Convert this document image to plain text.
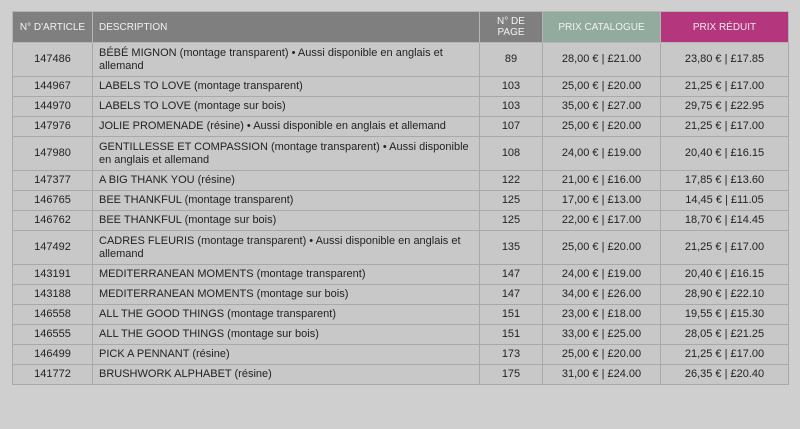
N° D'ARTICLE	DESCRIPTION	N° DE PAGE	PRIX CATALOGUE	PRIX RÉDUIT
147486	BÉBÉ MIGNON (montage transparent) • Aussi disponible en anglais et allemand	89	28,00 € | £21.00	23,80 € | £17.85
144967	LABELS TO LOVE (montage transparent)	103	25,00 € | £20.00	21,25 € | £17.00
144970	LABELS TO LOVE (montage sur bois)	103	35,00 € | £27.00	29,75 € | £22.95
147976	JOLIE PROMENADE (résine) • Aussi disponible en anglais et allemand	107	25,00 € | £20.00	21,25 € | £17.00
147980	GENTILLESSE ET COMPASSION (montage transparent) • Aussi disponible en anglais et allemand	108	24,00 € | £19.00	20,40 € | £16.15
147377	A BIG THANK YOU (résine)	122	21,00 € | £16.00	17,85 € | £13.60
146765	BEE THANKFUL (montage transparent)	125	17,00 € | £13.00	14,45 € | £11.05
146762	BEE THANKFUL (montage sur bois)	125	22,00 € | £17.00	18,70 € | £14.45
147492	CADRES FLEURIS (montage transparent) • Aussi disponible en anglais et allemand	135	25,00 € | £20.00	21,25 € | £17.00
143191	MEDITERRANEAN MOMENTS (montage transparent)	147	24,00 € | £19.00	20,40 € | £16.15
143188	MEDITERRANEAN MOMENTS (montage sur bois)	147	34,00 € | £26.00	28,90 € | £22.10
146558	ALL THE GOOD THINGS (montage transparent)	151	23,00 € | £18.00	19,55 € | £15.30
146555	ALL THE GOOD THINGS (montage sur bois)	151	33,00 € | £25.00	28,05 € | £21.25
146499	PICK A PENNANT (résine)	173	25,00 € | £20.00	21,25 € | £17.00
141772	BRUSHWORK ALPHABET (résine)	175	31,00 € | £24.00	26,35 € | £20.40
